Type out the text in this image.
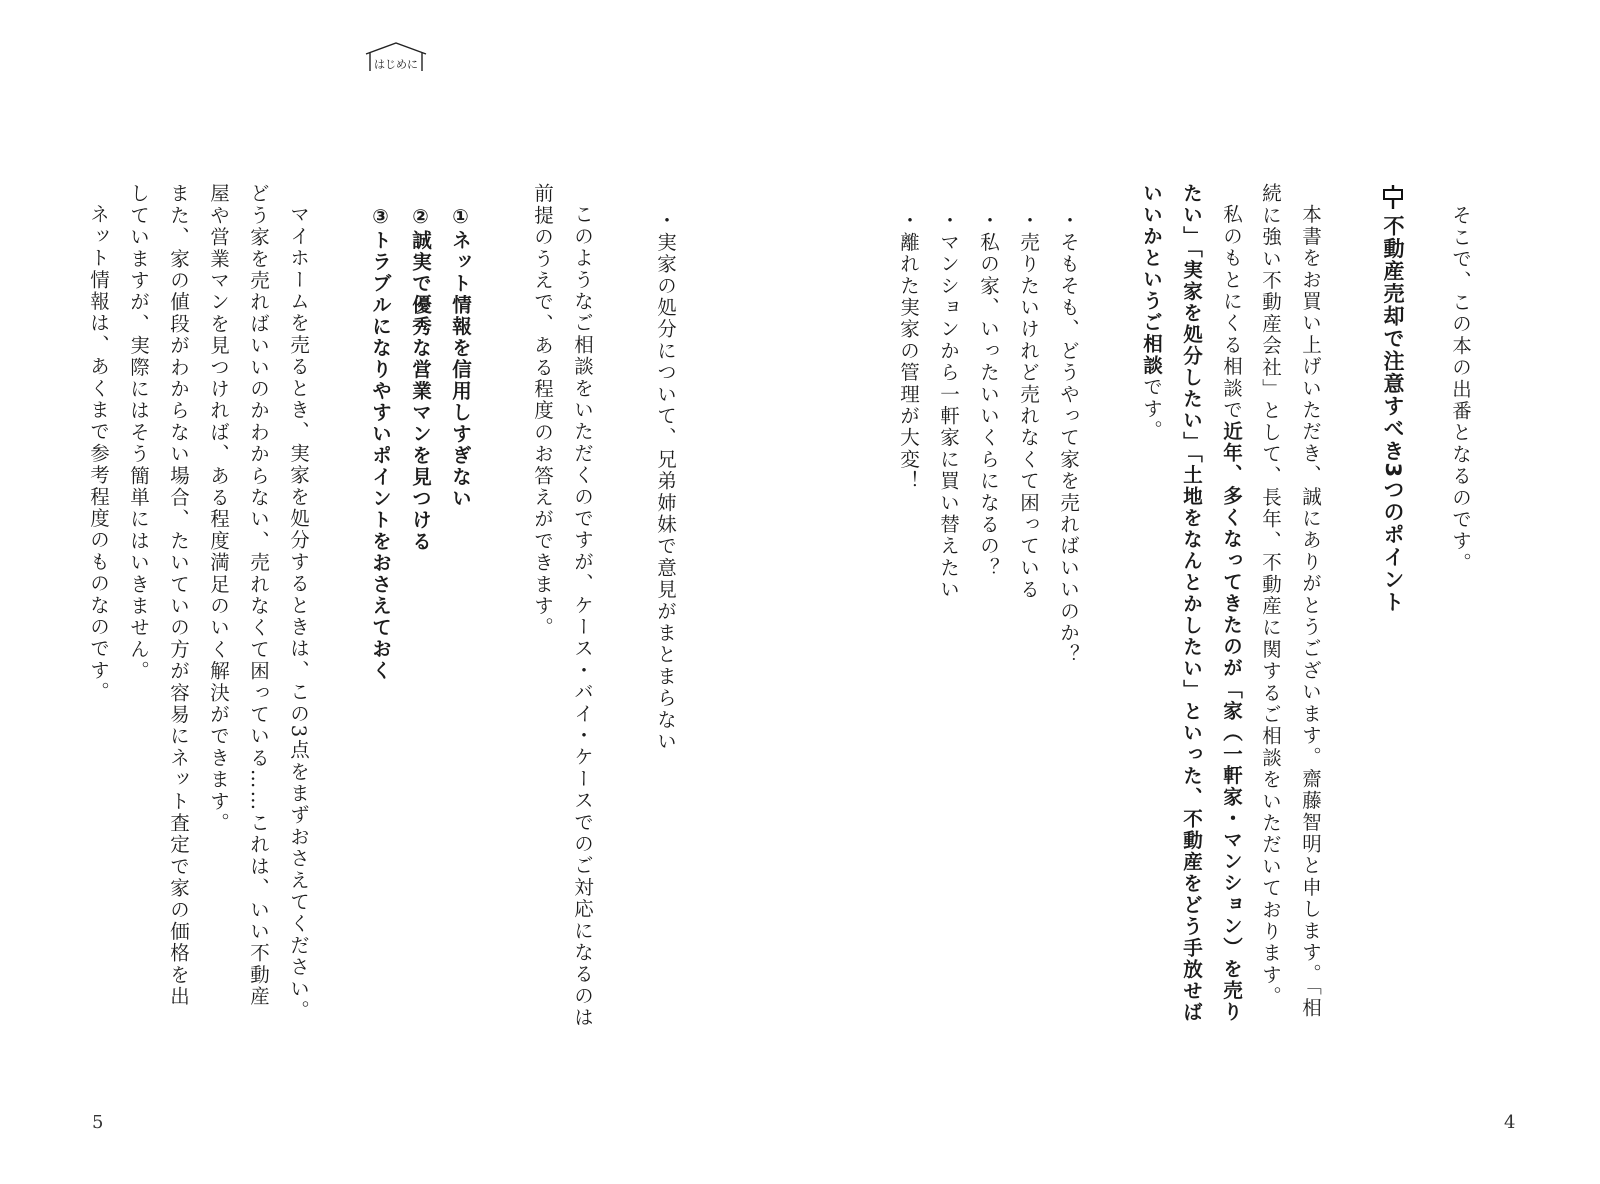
はじめに
そこで、この本の出番となるのです。
不動産売却で注意すべき3つのポイント
本書をお買い上げいただき、誠にありがとうございます。齋藤智明と申します。「相
続に強い不動産会社」として、長年、不動産に関するご相談をいただいております。
私のもとにくる相談で近年、多くなってきたのが「家（一軒家・マンション）を売り
たい」「実家を処分したい」「土地をなんとかしたい」といった、不動産をどう手放せば
いいかというご相談です。
・そもそも、どうやって家を売ればいいのか？
・売りたいけれど売れなくて困っている
・私の家、いったいいくらになるの？
・マンションから一軒家に買い替えたい
・離れた実家の管理が大変！
・実家の処分について、兄弟姉妹で意見がまとまらない
このようなご相談をいただくのですが、ケース・バイ・ケースでのご対応になるのは
前提のうえで、ある程度のお答えができます。
①ネット情報を信用しすぎない
②誠実で優秀な営業マンを見つける
③トラブルになりやすいポイントをおさえておく
マイホームを売るとき、実家を処分するときは、この3点をまずおさえてください。
どう家を売ればいいのかわからない、売れなくて困っている……これは、いい不動産
屋や営業マンを見つければ、ある程度満足のいく解決ができます。
また、家の値段がわからない場合、たいていの方が容易にネット査定で家の価格を出
していますが、実際にはそう簡単にはいきません。
ネット情報は、あくまで参考程度のものなのです。
4
5
